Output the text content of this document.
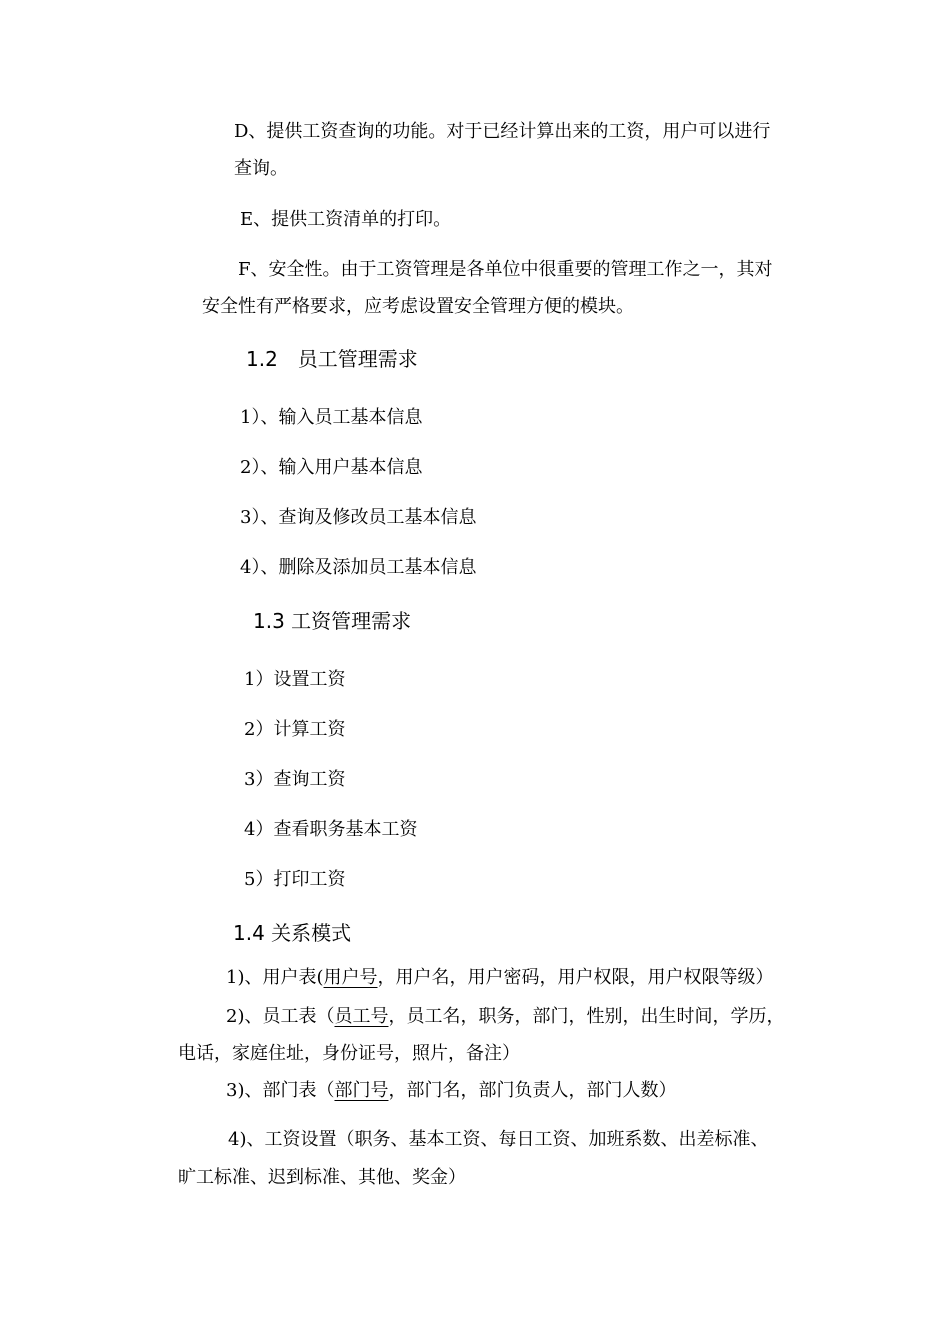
D、提供工资查询的功能。对于已经计算出来的工资，用户可以进行
查询。
E、提供工资清单的打印。
F、安全性。由于工资管理是各单位中很重要的管理工作之一，其对
安全性有严格要求，应考虑设置安全管理方便的模块。
1.2　员工管理需求
1）、输入员工基本信息
2）、输入用户基本信息
3）、查询及修改员工基本信息
4）、删除及添加员工基本信息
1.3 工资管理需求
1）设置工资
2）计算工资
3）查询工资
4）查看职务基本工资
5）打印工资
1.4 关系模式
1)、用户表(用户号，用户名，用户密码，用户权限，用户权限等级）
2)、员工表（员工号，员工名，职务，部门，性别，出生时间，学历，
电话，家庭住址，身份证号，照片，备注）
3)、部门表（部门号，部门名，部门负责人，部门人数）
4)、工资设置（职务、基本工资、每日工资、加班系数、出差标准、
旷工标准、迟到标准、其他、奖金）
